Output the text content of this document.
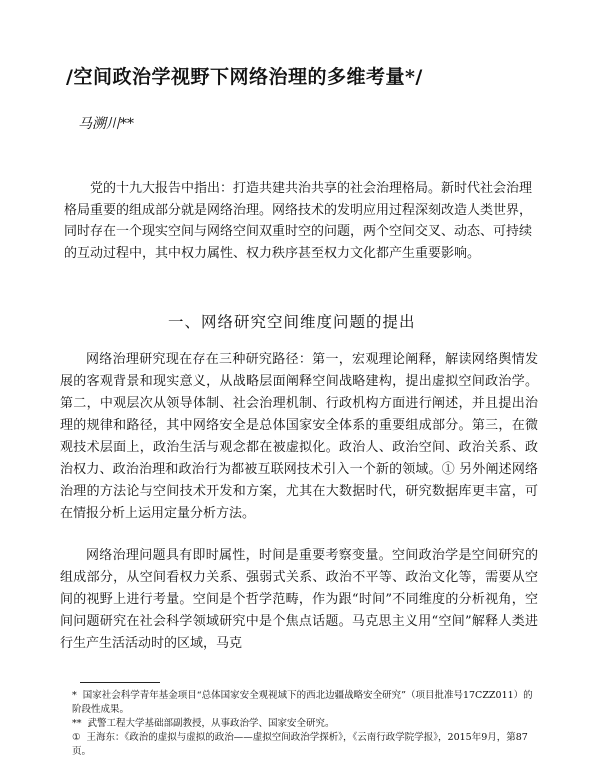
/空间政治学视野下网络治理的多维考量*/
马溯川**

党的十九大报告中指出：打造共建共治共享的社会治理格局。新时代社会治理格局重要的组成部分就是网络治理。网络技术的发明应用过程深刻改造人类世界，同时存在一个现实空间与网络空间双重时空的问题，两个空间交叉、动态、可持续的互动过程中，其中权力属性、权力秩序甚至权力文化都产生重要影响。

一、网络研究空间维度问题的提出

网络治理研究现在存在三种研究路径：第一，宏观理论阐释，解读网络舆情发展的客观背景和现实意义，从战略层面阐释空间战略建构，提出虚拟空间政治学。第二，中观层次从领导体制、社会治理机制、行政机构方面进行阐述，并且提出治理的规律和路径，其中网络安全是总体国家安全体系的重要组成部分。第三，在微观技术层面上，政治生活与观念都在被虚拟化。政治人、政治空间、政治关系、政治权力、政治治理和政治行为都被互联网技术引入一个新的领域。① 另外阐述网络治理的方法论与空间技术开发和方案，尤其在大数据时代，研究数据库更丰富，可在情报分析上运用定量分析方法。

网络治理问题具有即时属性，时间是重要考察变量。空间政治学是空间研究的组成部分，从空间看权力关系、强弱式关系、政治不平等、政治文化等，需要从空间的视野上进行考量。空间是个哲学范畴，作为跟“时间”不同维度的分析视角，空间问题研究在社会科学领域研究中是个焦点话题。马克思主义用“空间”解释人类进行生产生活活动时的区域，马克

* 国家社会科学青年基金项目“总体国家安全观视域下的西北边疆战略安全研究”（项目批准号17CZZ011）的阶段性成果。

** 武警工程大学基础部副教授，从事政治学、国家安全研究。

① 王海东：《政治的虚拟与虚拟的政治——虚拟空间政治学探析》，《云南行政学院学报》，2015年9月，第87页。
